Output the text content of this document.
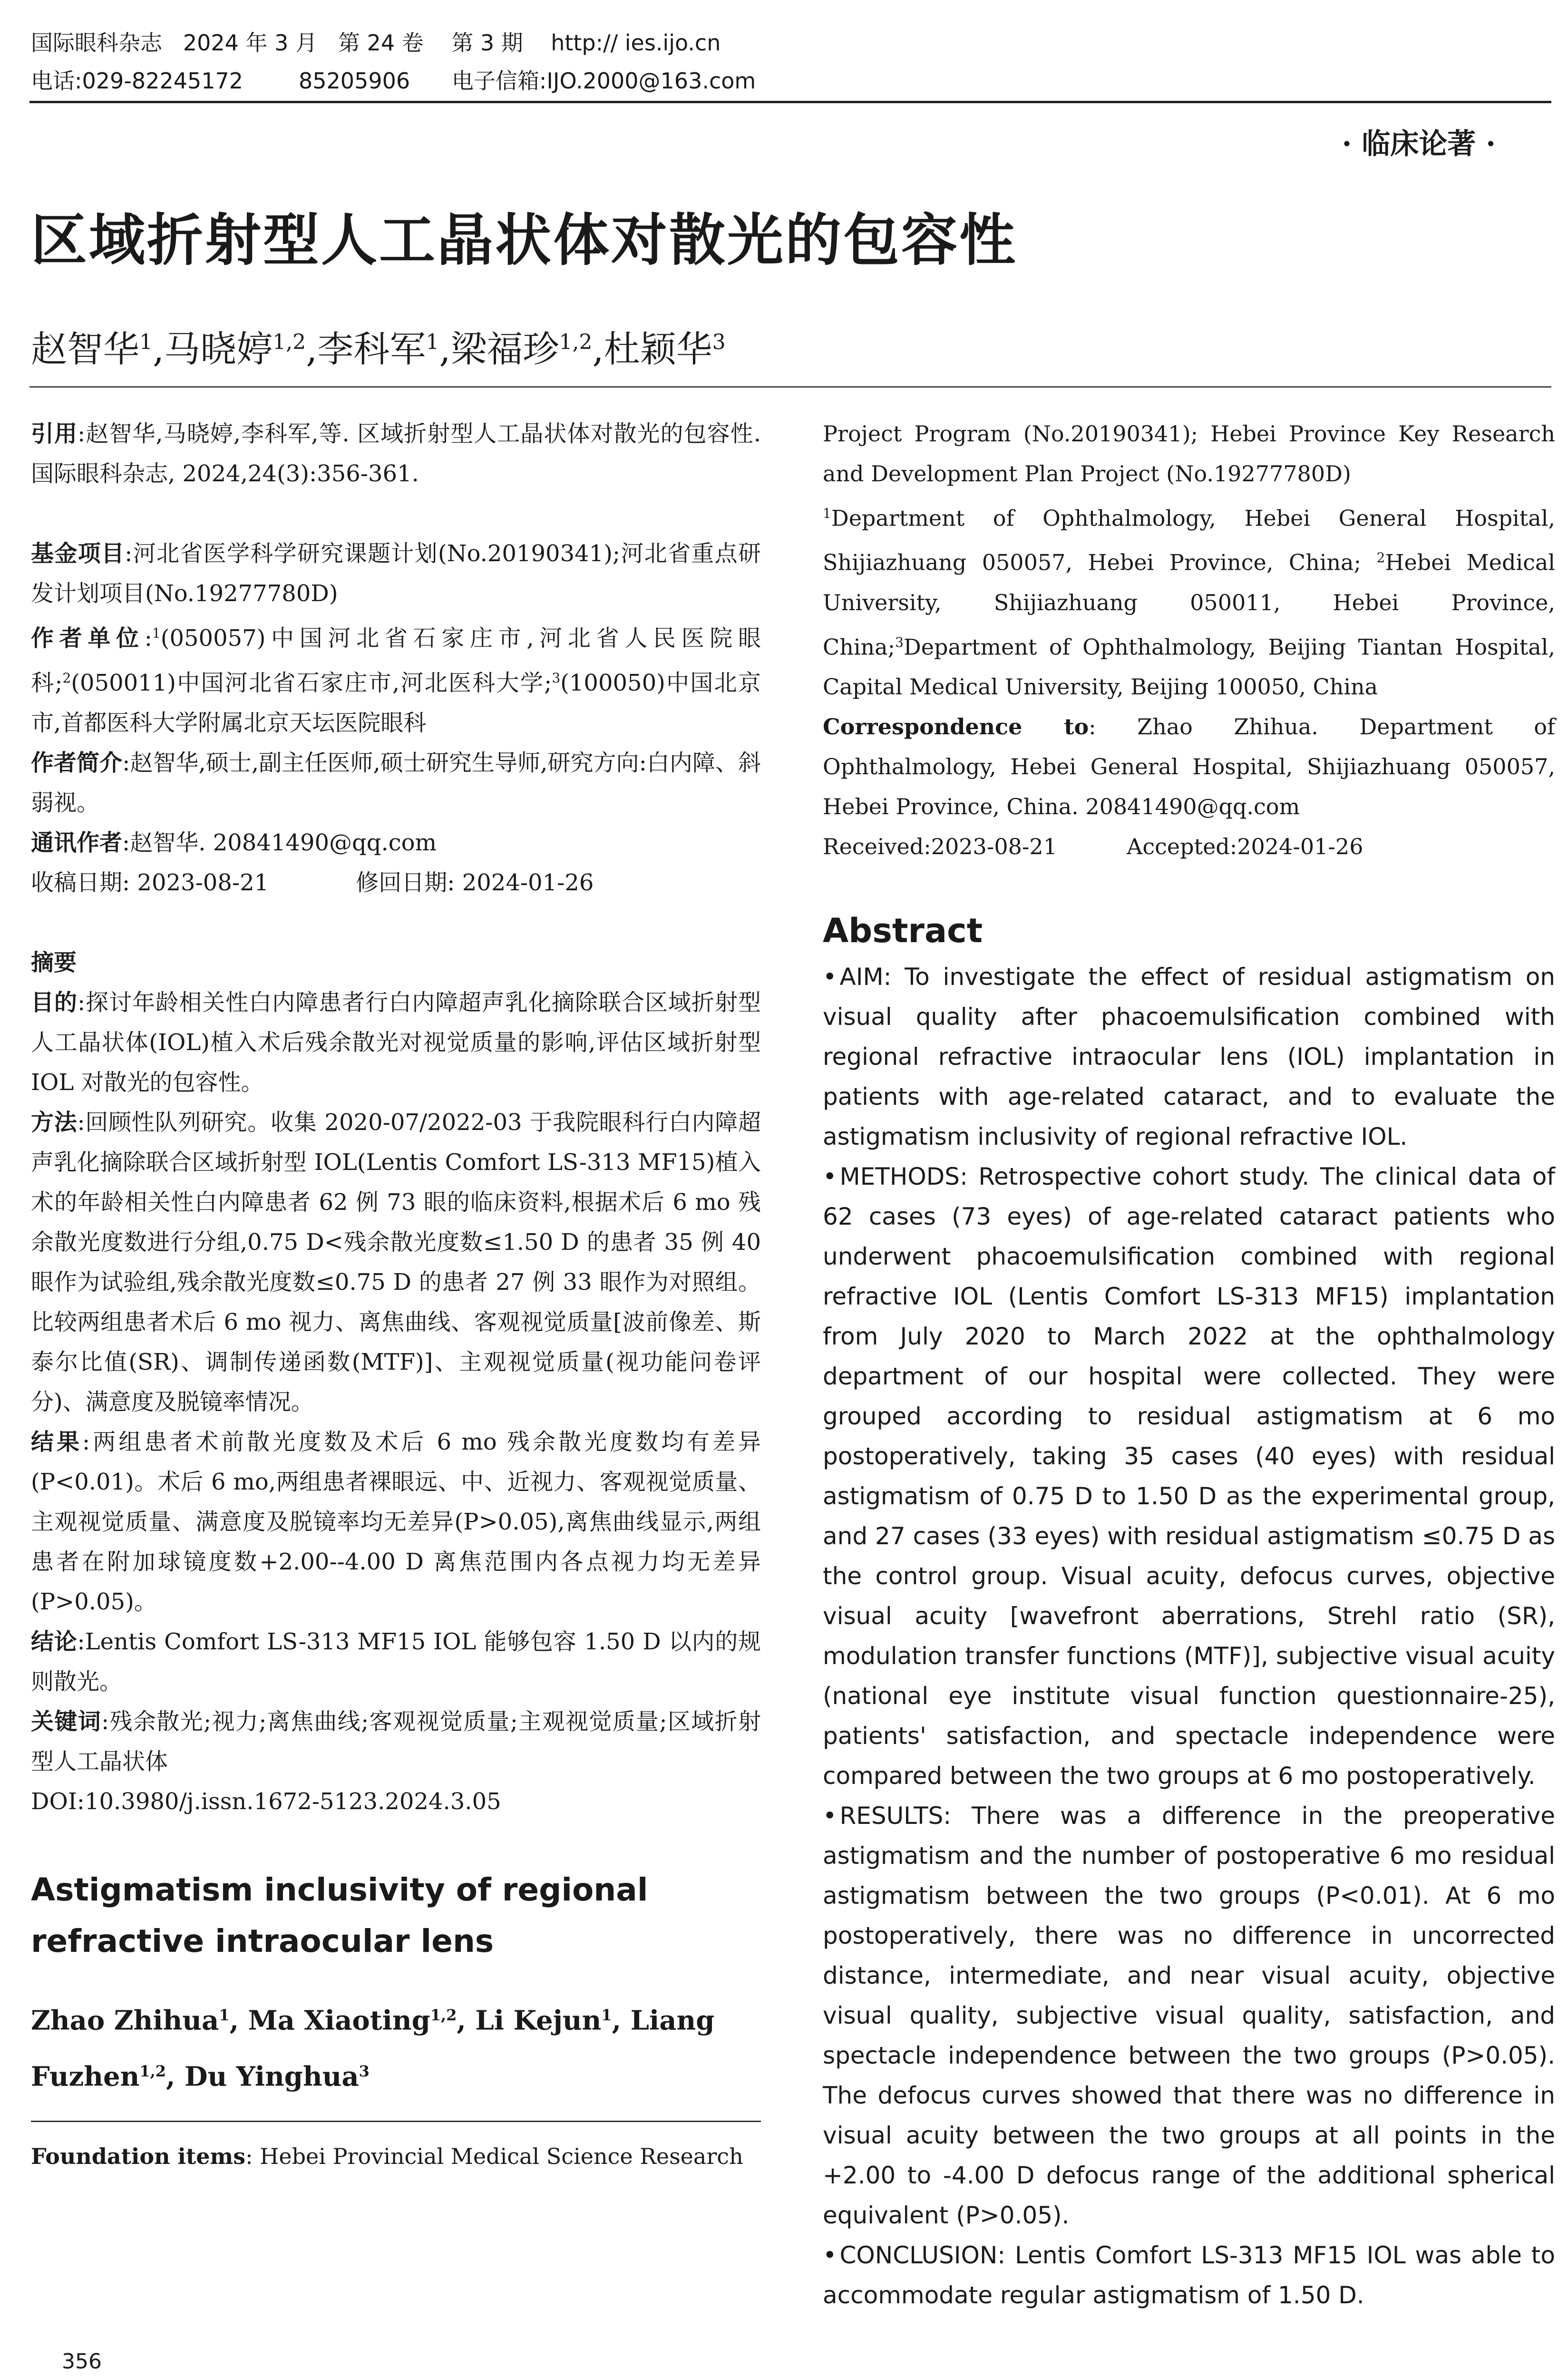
国际眼科杂志   2024 年 3 月   第 24 卷    第 3 期    http:// ies.ijo.cn
电话:029-82245172        85205906      电子信箱:IJO.2000@163.com
· 临床论著 ·
区域折射型人工晶状体对散光的包容性
赵智华$^1$,马晓婷$^{1,2}$,李科军$^1$,梁福珍$^{1,2}$,杜颖华$^3$

引用:赵智华,马晓婷,李科军,等. 区域折射型人工晶状体对散光的包容性. 国际眼科杂志, 2024,24(3):356-361.

基金项目:河北省医学科学研究课题计划(No.20190341);河北省重点研发计划项目(No.19277780D)

作者单位:$^1$(050057)中国河北省石家庄市,河北省人民医院眼科;$^2$(050011)中国河北省石家庄市,河北医科大学;$^3$(100050)中国北京市,首都医科大学附属北京天坛医院眼科

作者简介:赵智华,硕士,副主任医师,硕士研究生导师,研究方向:白内障、斜弱视。

通讯作者:赵智华. 20841490@qq.com

收稿日期: 2023-08-21	修回日期: 2024-01-26

摘要

目的:探讨年龄相关性白内障患者行白内障超声乳化摘除联合区域折射型人工晶状体(IOL)植入术后残余散光对视觉质量的影响,评估区域折射型 IOL 对散光的包容性。

方法:回顾性队列研究。收集 2020-07/2022-03 于我院眼科行白内障超声乳化摘除联合区域折射型 IOL(Lentis Comfort LS-313 MF15)植入术的年龄相关性白内障患者 62 例 73 眼的临床资料,根据术后 6 mo 残余散光度数进行分组,0.75 D<残余散光度数≤1.50 D 的患者 35 例 40 眼作为试验组,残余散光度数≤0.75 D 的患者 27 例 33 眼作为对照组。比较两组患者术后 6 mo 视力、离焦曲线、客观视觉质量[波前像差、斯泰尔比值(SR)、调制传递函数(MTF)]、主观视觉质量(视功能问卷评分)、满意度及脱镜率情况。

结果:两组患者术前散光度数及术后 6 mo 残余散光度数均有差异(P<0.01)。术后 6 mo,两组患者裸眼远、中、近视力、客观视觉质量、主观视觉质量、满意度及脱镜率均无差异(P>0.05),离焦曲线显示,两组患者在附加球镜度数+2.00--4.00 D 离焦范围内各点视力均无差异(P>0.05)。

结论:Lentis Comfort LS-313 MF15 IOL 能够包容 1.50 D 以内的规则散光。

关键词:残余散光;视力;离焦曲线;客观视觉质量;主观视觉质量;区域折射型人工晶状体

DOI:10.3980/j.issn.1672-5123.2024.3.05

Astigmatism inclusivity of regional refractive intraocular lens
Zhao Zhihua$^1$, Ma Xiaoting$^{1,2}$, Li Kejun$^1$, Liang Fuzhen$^{1,2}$, Du Yinghua$^3$

Foundation items: Hebei Provincial Medical Science Research

Project Program (No.20190341); Hebei Province Key Research and Development Plan Project (No.19277780D)

$^1$Department of Ophthalmology, Hebei General Hospital, Shijiazhuang 050057, Hebei Province, China; $^2$Hebei Medical University, Shijiazhuang 050011, Hebei Province, China;$^3$Department of Ophthalmology, Beijing Tiantan Hospital, Capital Medical University, Beijing 100050, China

Correspondence to: Zhao Zhihua. Department of Ophthalmology, Hebei General Hospital, Shijiazhuang 050057, Hebei Province, China. 20841490@qq.com

Received:2023-08-21	Accepted:2024-01-26

Abstract

• AIM: To investigate the effect of residual astigmatism on visual quality after phacoemulsification combined with regional refractive intraocular lens (IOL) implantation in patients with age-related cataract, and to evaluate the astigmatism inclusivity of regional refractive IOL.

• METHODS: Retrospective cohort study. The clinical data of 62 cases (73 eyes) of age-related cataract patients who underwent phacoemulsification combined with regional refractive IOL (Lentis Comfort LS-313 MF15) implantation from July 2020 to March 2022 at the ophthalmology department of our hospital were collected. They were grouped according to residual astigmatism at 6 mo postoperatively, taking 35 cases (40 eyes) with residual astigmatism of 0.75 D to 1.50 D as the experimental group, and 27 cases (33 eyes) with residual astigmatism ≤0.75 D as the control group. Visual acuity, defocus curves, objective visual acuity [wavefront aberrations, Strehl ratio (SR), modulation transfer functions (MTF)], subjective visual acuity (national eye institute visual function questionnaire-25), patients' satisfaction, and spectacle independence were compared between the two groups at 6 mo postoperatively.

• RESULTS: There was a difference in the preoperative astigmatism and the number of postoperative 6 mo residual astigmatism between the two groups (P<0.01). At 6 mo postoperatively, there was no difference in uncorrected distance, intermediate, and near visual acuity, objective visual quality, subjective visual quality, satisfaction, and spectacle independence between the two groups (P>0.05). The defocus curves showed that there was no difference in visual acuity between the two groups at all points in the +2.00 to -4.00 D defocus range of the additional spherical equivalent (P>0.05).

• CONCLUSION: Lentis Comfort LS-313 MF15 IOL was able to accommodate regular astigmatism of 1.50 D.

356
